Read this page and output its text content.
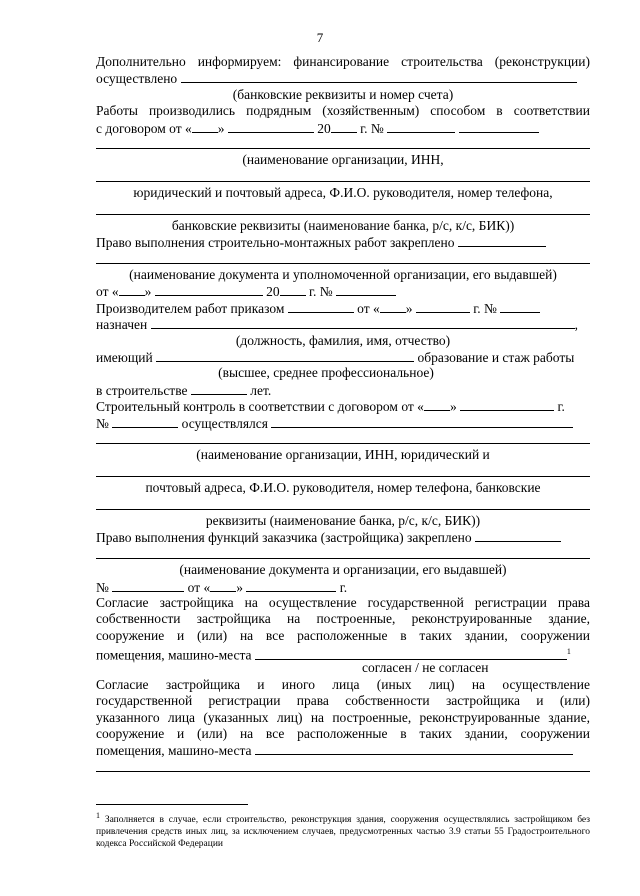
7
Дополнительно информируем: финансирование строительства (реконструкции)
осуществлено
(банковские реквизиты и номер счета)
Работы производились подрядным (хозяйственным) способом в соответствии
с договором от « »	20 г. №
(наименование организации, ИНН,
юридический и почтовый адреса, Ф.И.О. руководителя, номер телефона,
банковские реквизиты (наименование банка, р/с, к/с, БИК))
Право выполнения строительно-монтажных работ закреплено
(наименование документа и уполномоченной организации, его выдавшей)
от « »	20 г. №
Производителем работ приказом	от « »	г. №
назначен	,
(должность, фамилия, имя, отчество)
имеющий	образование и стаж работы
(высшее, среднее профессиональное)
в строительстве	лет.
Строительный контроль в соответствии с договором от « »	г.
№	осуществлялся
(наименование организации, ИНН, юридический и
почтовый адреса, Ф.И.О. руководителя, номер телефона, банковские
реквизиты (наименование банка, р/с, к/с, БИК))
Право выполнения функций заказчика (застройщика) закреплено
(наименование документа и организации, его выдавшей)
№	от « »	г.
Согласие застройщика на осуществление государственной регистрации права
собственности застройщика на построенные, реконструированные здание,
сооружение и (или) на все расположенные в таких здании, сооружении
помещения, машино-места	$^1$
согласен / не согласен
Согласие застройщика и иного лица (иных лиц) на осуществление
государственной регистрации права собственности застройщика и (или)
указанного лица (указанных лиц) на построенные, реконструированные здание,
сооружение и (или) на все расположенные в таких здании, сооружении
помещения, машино-места
$^1$ Заполняется в случае, если строительство, реконструкция здания, сооружения осуществлялись застройщиком без привлечения средств иных лиц, за исключением случаев, предусмотренных частью 3.9 статьи 55 Градостроительного кодекса Российской Федерации
